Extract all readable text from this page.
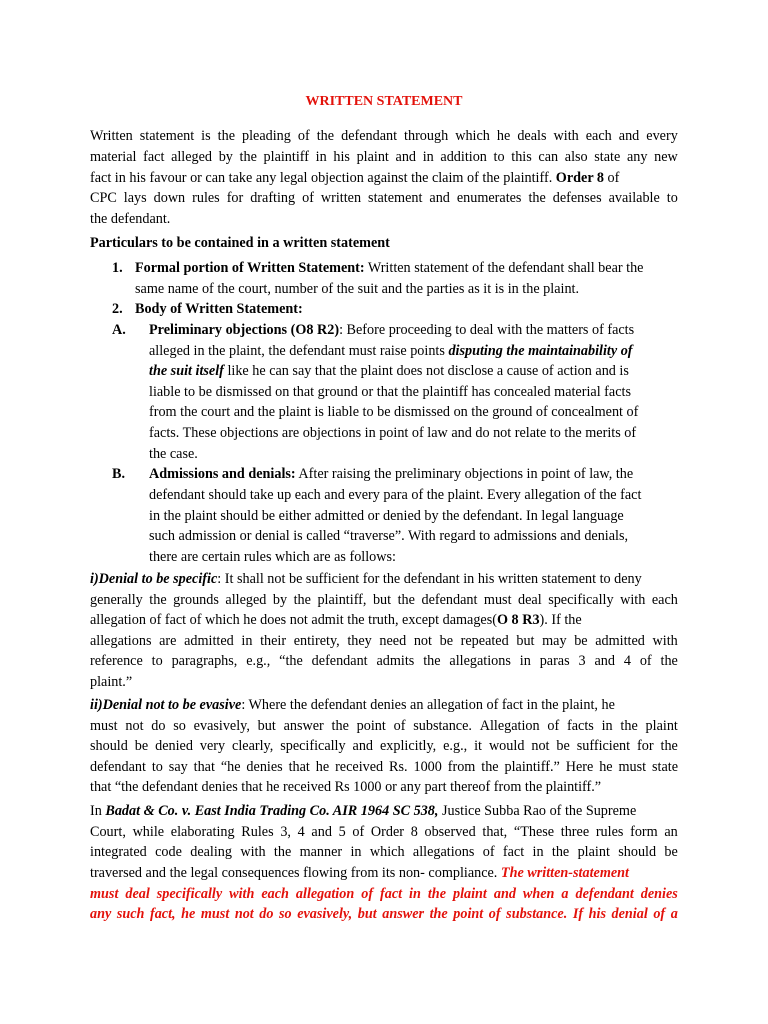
WRITTEN STATEMENT
Written statement is the pleading of the defendant through which he deals with each and every
material fact alleged by the plaintiff in his plaint and in addition to this can also state any new
fact in his favour or can take any legal objection against the claim of the plaintiff. Order 8 of
CPC lays down rules for drafting of written statement and enumerates the defenses available to
the defendant.
Particulars to be contained in a written statement
1. Formal portion of Written Statement: Written statement of the defendant shall bear the
same name of the court, number of the suit and the parties as it is in the plaint.
2. Body of Written Statement:
A. Preliminary objections (O8 R2): Before proceeding to deal with the matters of facts
alleged in the plaint, the defendant must raise points disputing the maintainability of
the suit itself like he can say that the plaint does not disclose a cause of action and is
liable to be dismissed on that ground or that the plaintiff has concealed material facts
from the court and the plaint is liable to be dismissed on the ground of concealment of
facts. These objections are objections in point of law and do not relate to the merits of
the case.
B. Admissions and denials: After raising the preliminary objections in point of law, the
defendant should take up each and every para of the plaint. Every allegation of the fact
in the plaint should be either admitted or denied by the defendant. In legal language
such admission or denial is called “traverse”. With regard to admissions and denials,
there are certain rules which are as follows:
i)Denial to be specific: It shall not be sufficient for the defendant in his written statement to deny
generally the grounds alleged by the plaintiff, but the defendant must deal specifically with each
allegation of fact of which he does not admit the truth, except damages(O 8 R3). If the
allegations are admitted in their entirety, they need not be repeated but may be admitted with
reference to paragraphs, e.g., “the defendant admits the allegations in paras 3 and 4 of the
plaint.”
ii)Denial not to be evasive: Where the defendant denies an allegation of fact in the plaint, he
must not do so evasively, but answer the point of substance. Allegation of facts in the plaint
should be denied very clearly, specifically and explicitly, e.g., it would not be sufficient for the
defendant to say that “he denies that he received Rs. 1000 from the plaintiff.” Here he must state
that “the defendant denies that he received Rs 1000 or any part thereof from the plaintiff.”
In Badat & Co. v. East India Trading Co. AIR 1964 SC 538, Justice Subba Rao of the Supreme
Court, while elaborating Rules 3, 4 and 5 of Order 8 observed that, “These three rules form an
integrated code dealing with the manner in which allegations of fact in the plaint should be
traversed and the legal consequences flowing from its non- compliance. The written-statement
must deal specifically with each allegation of fact in the plaint and when a defendant denies
any such fact, he must not do so evasively, but answer the point of substance. If his denial of a
